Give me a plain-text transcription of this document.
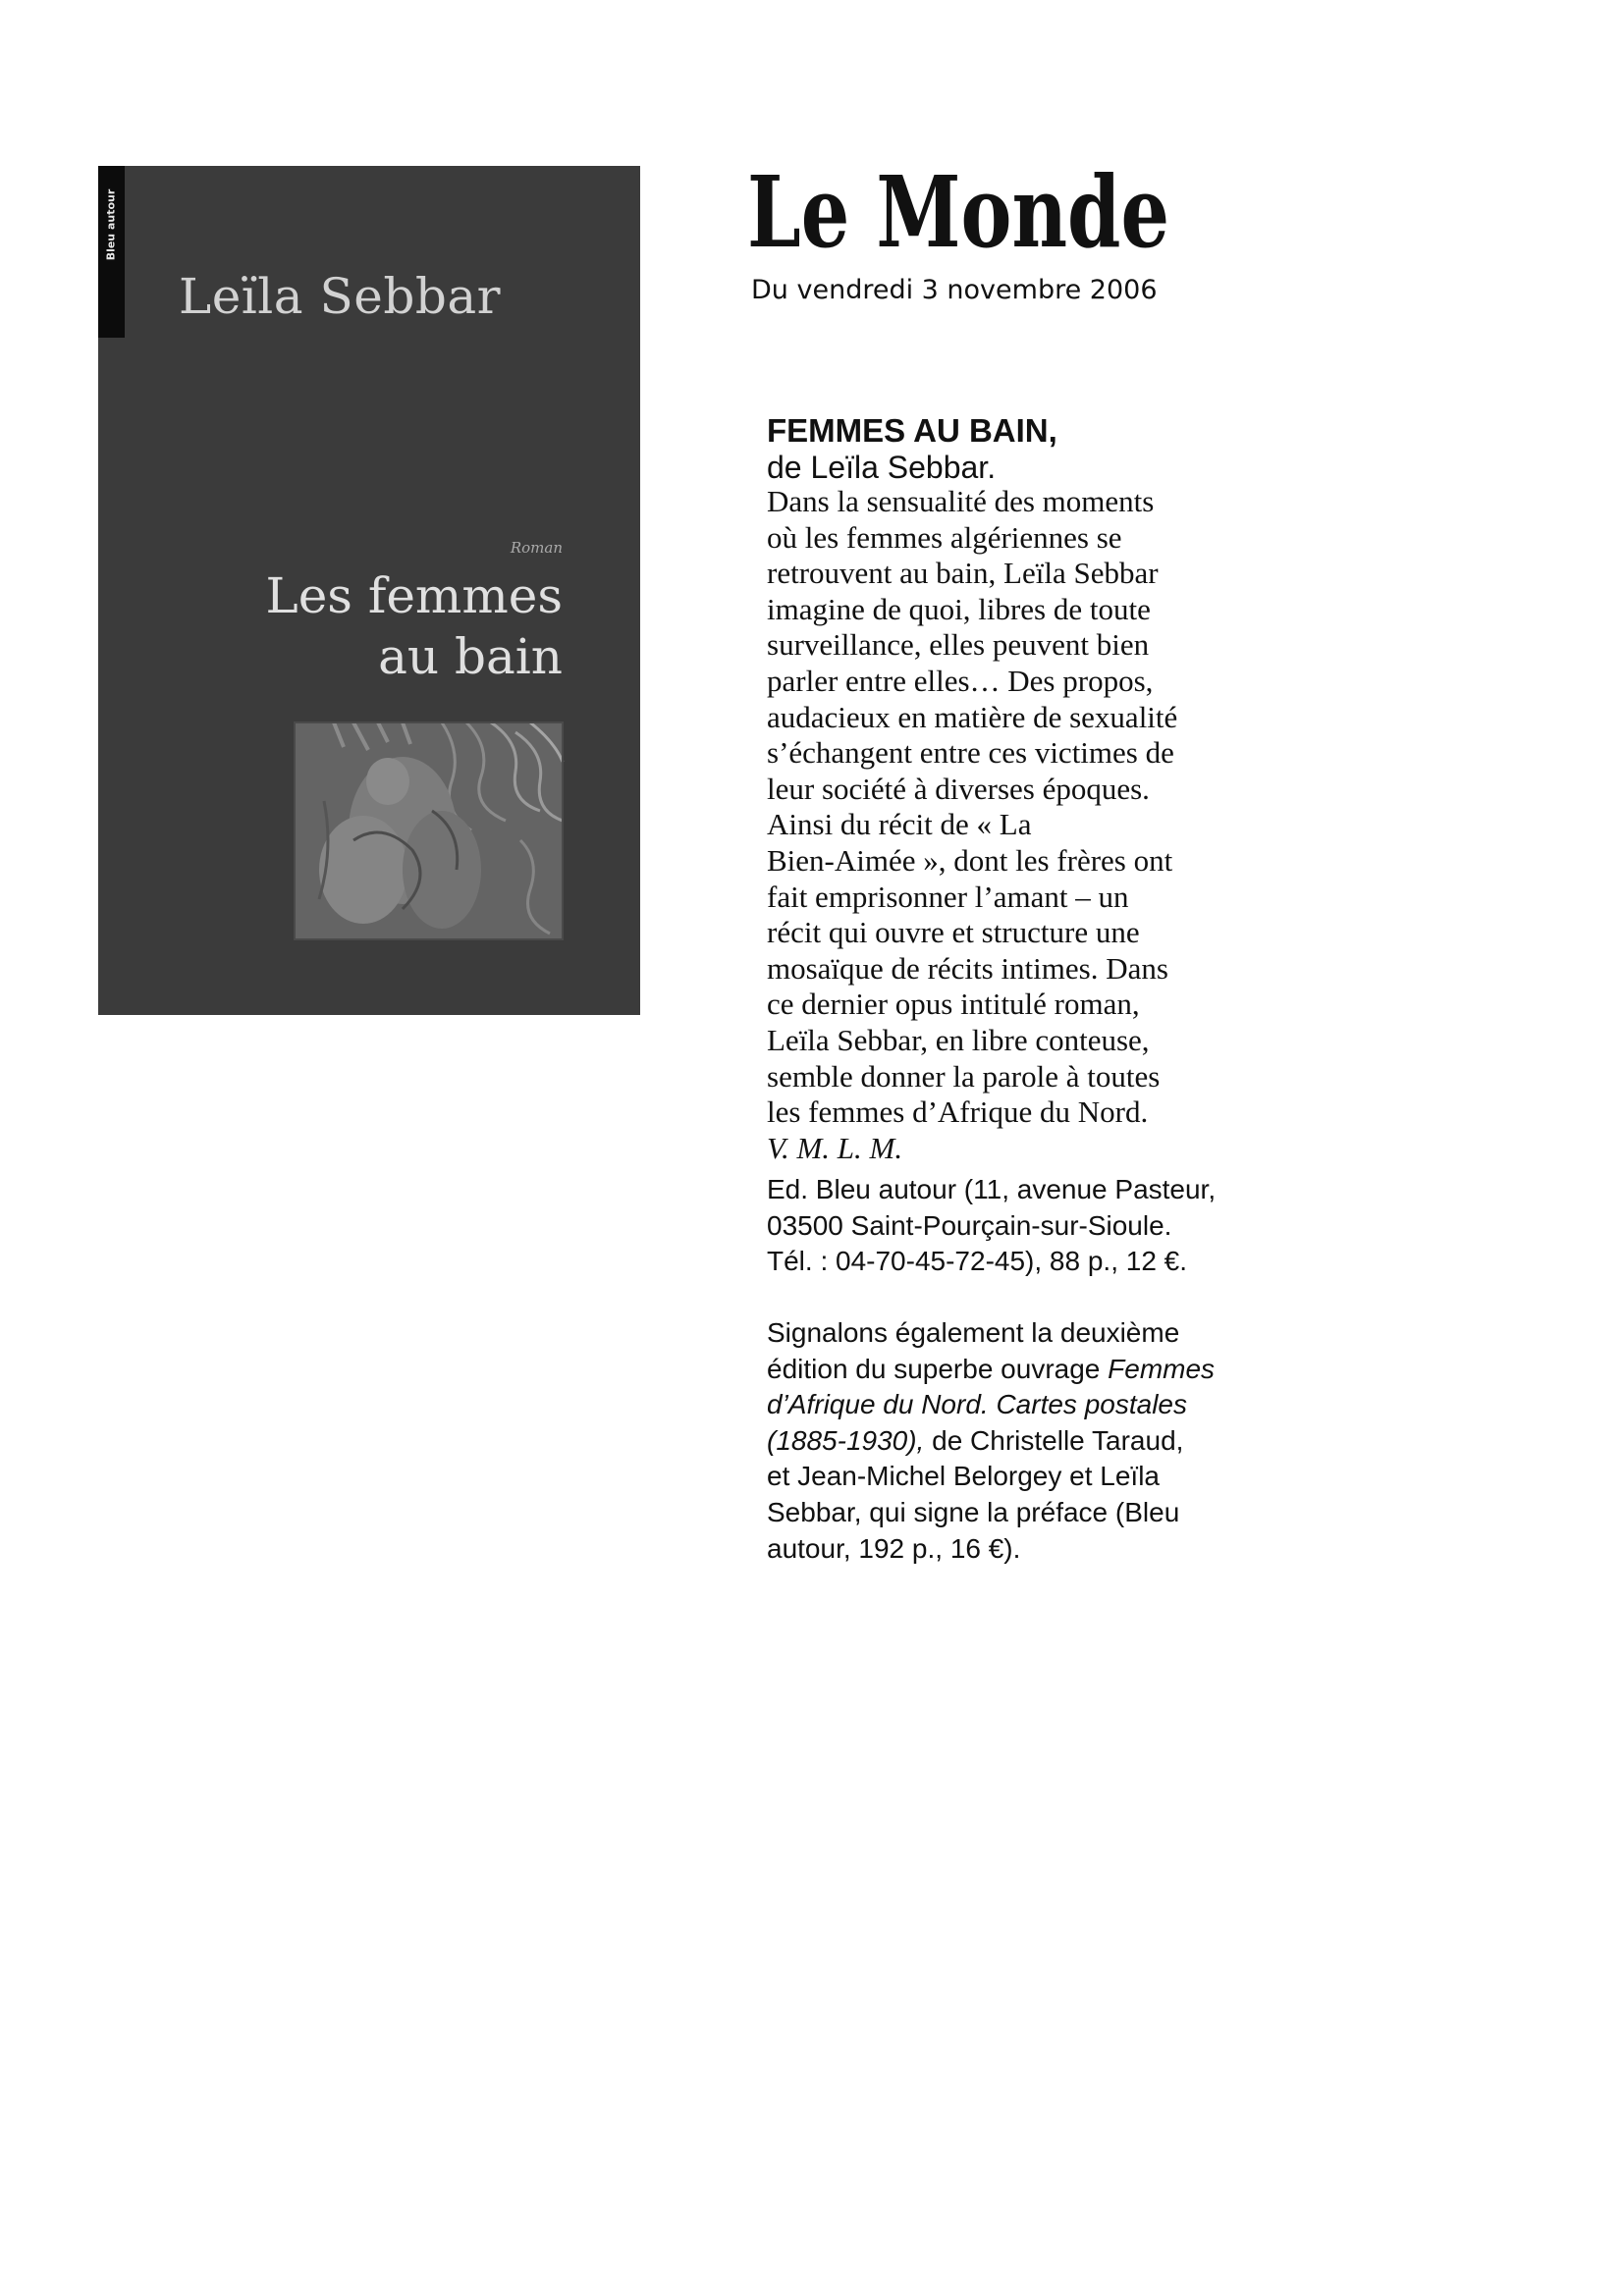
Bleu autour
Leïla Sebbar
Roman
Les femmes
au bain
Le Monde
Du vendredi 3 novembre 2006

FEMMES AU BAIN,

de Leïla Sebbar.

Dans la sensualité des moments
où les femmes algériennes se
retrouvent au bain, Leïla Sebbar
imagine de quoi, libres de toute
surveillance, elles peuvent bien
parler entre elles… Des propos,
audacieux en matière de sexualité
s’échangent entre ces victimes de
leur société à diverses époques.
Ainsi du récit de « La
Bien-Aimée », dont les frères ont
fait emprisonner l’amant – un
récit qui ouvre et structure une
mosaïque de récits intimes. Dans
ce dernier opus intitulé roman,
Leïla Sebbar, en libre conteuse,
semble donner la parole à toutes
les femmes d’Afrique du Nord.

V. M. L. M.

Ed. Bleu autour (11, avenue Pasteur,
03500 Saint-Pourçain-sur-Sioule.
Tél. : 04-70-45-72-45), 88 p., 12 €.

Signalons également la deuxième
édition du superbe ouvrage Femmes
d’Afrique du Nord. Cartes postales
(1885-1930), de Christelle Taraud,
et Jean-Michel Belorgey et Leïla
Sebbar, qui signe la préface (Bleu
autour, 192 p., 16 €).
